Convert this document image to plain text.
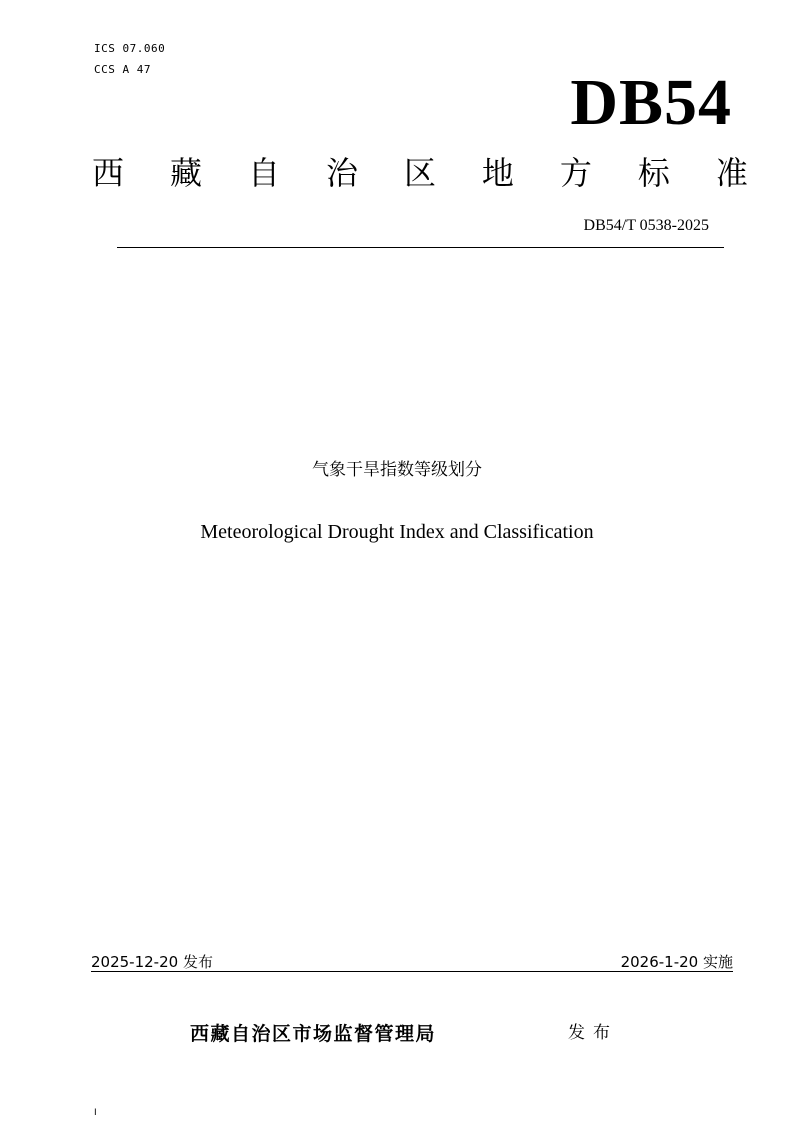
ICS 07.060
CCS A 47	DB54
西 藏 自 治 区 地 方 标 准
DB54/T 0538-2025
气象干旱指数等级划分
Meteorological Drought Index and Classification
2025-12-20 发布	2026-1-20 实施
西藏自治区市场监督管理局	发布
I
